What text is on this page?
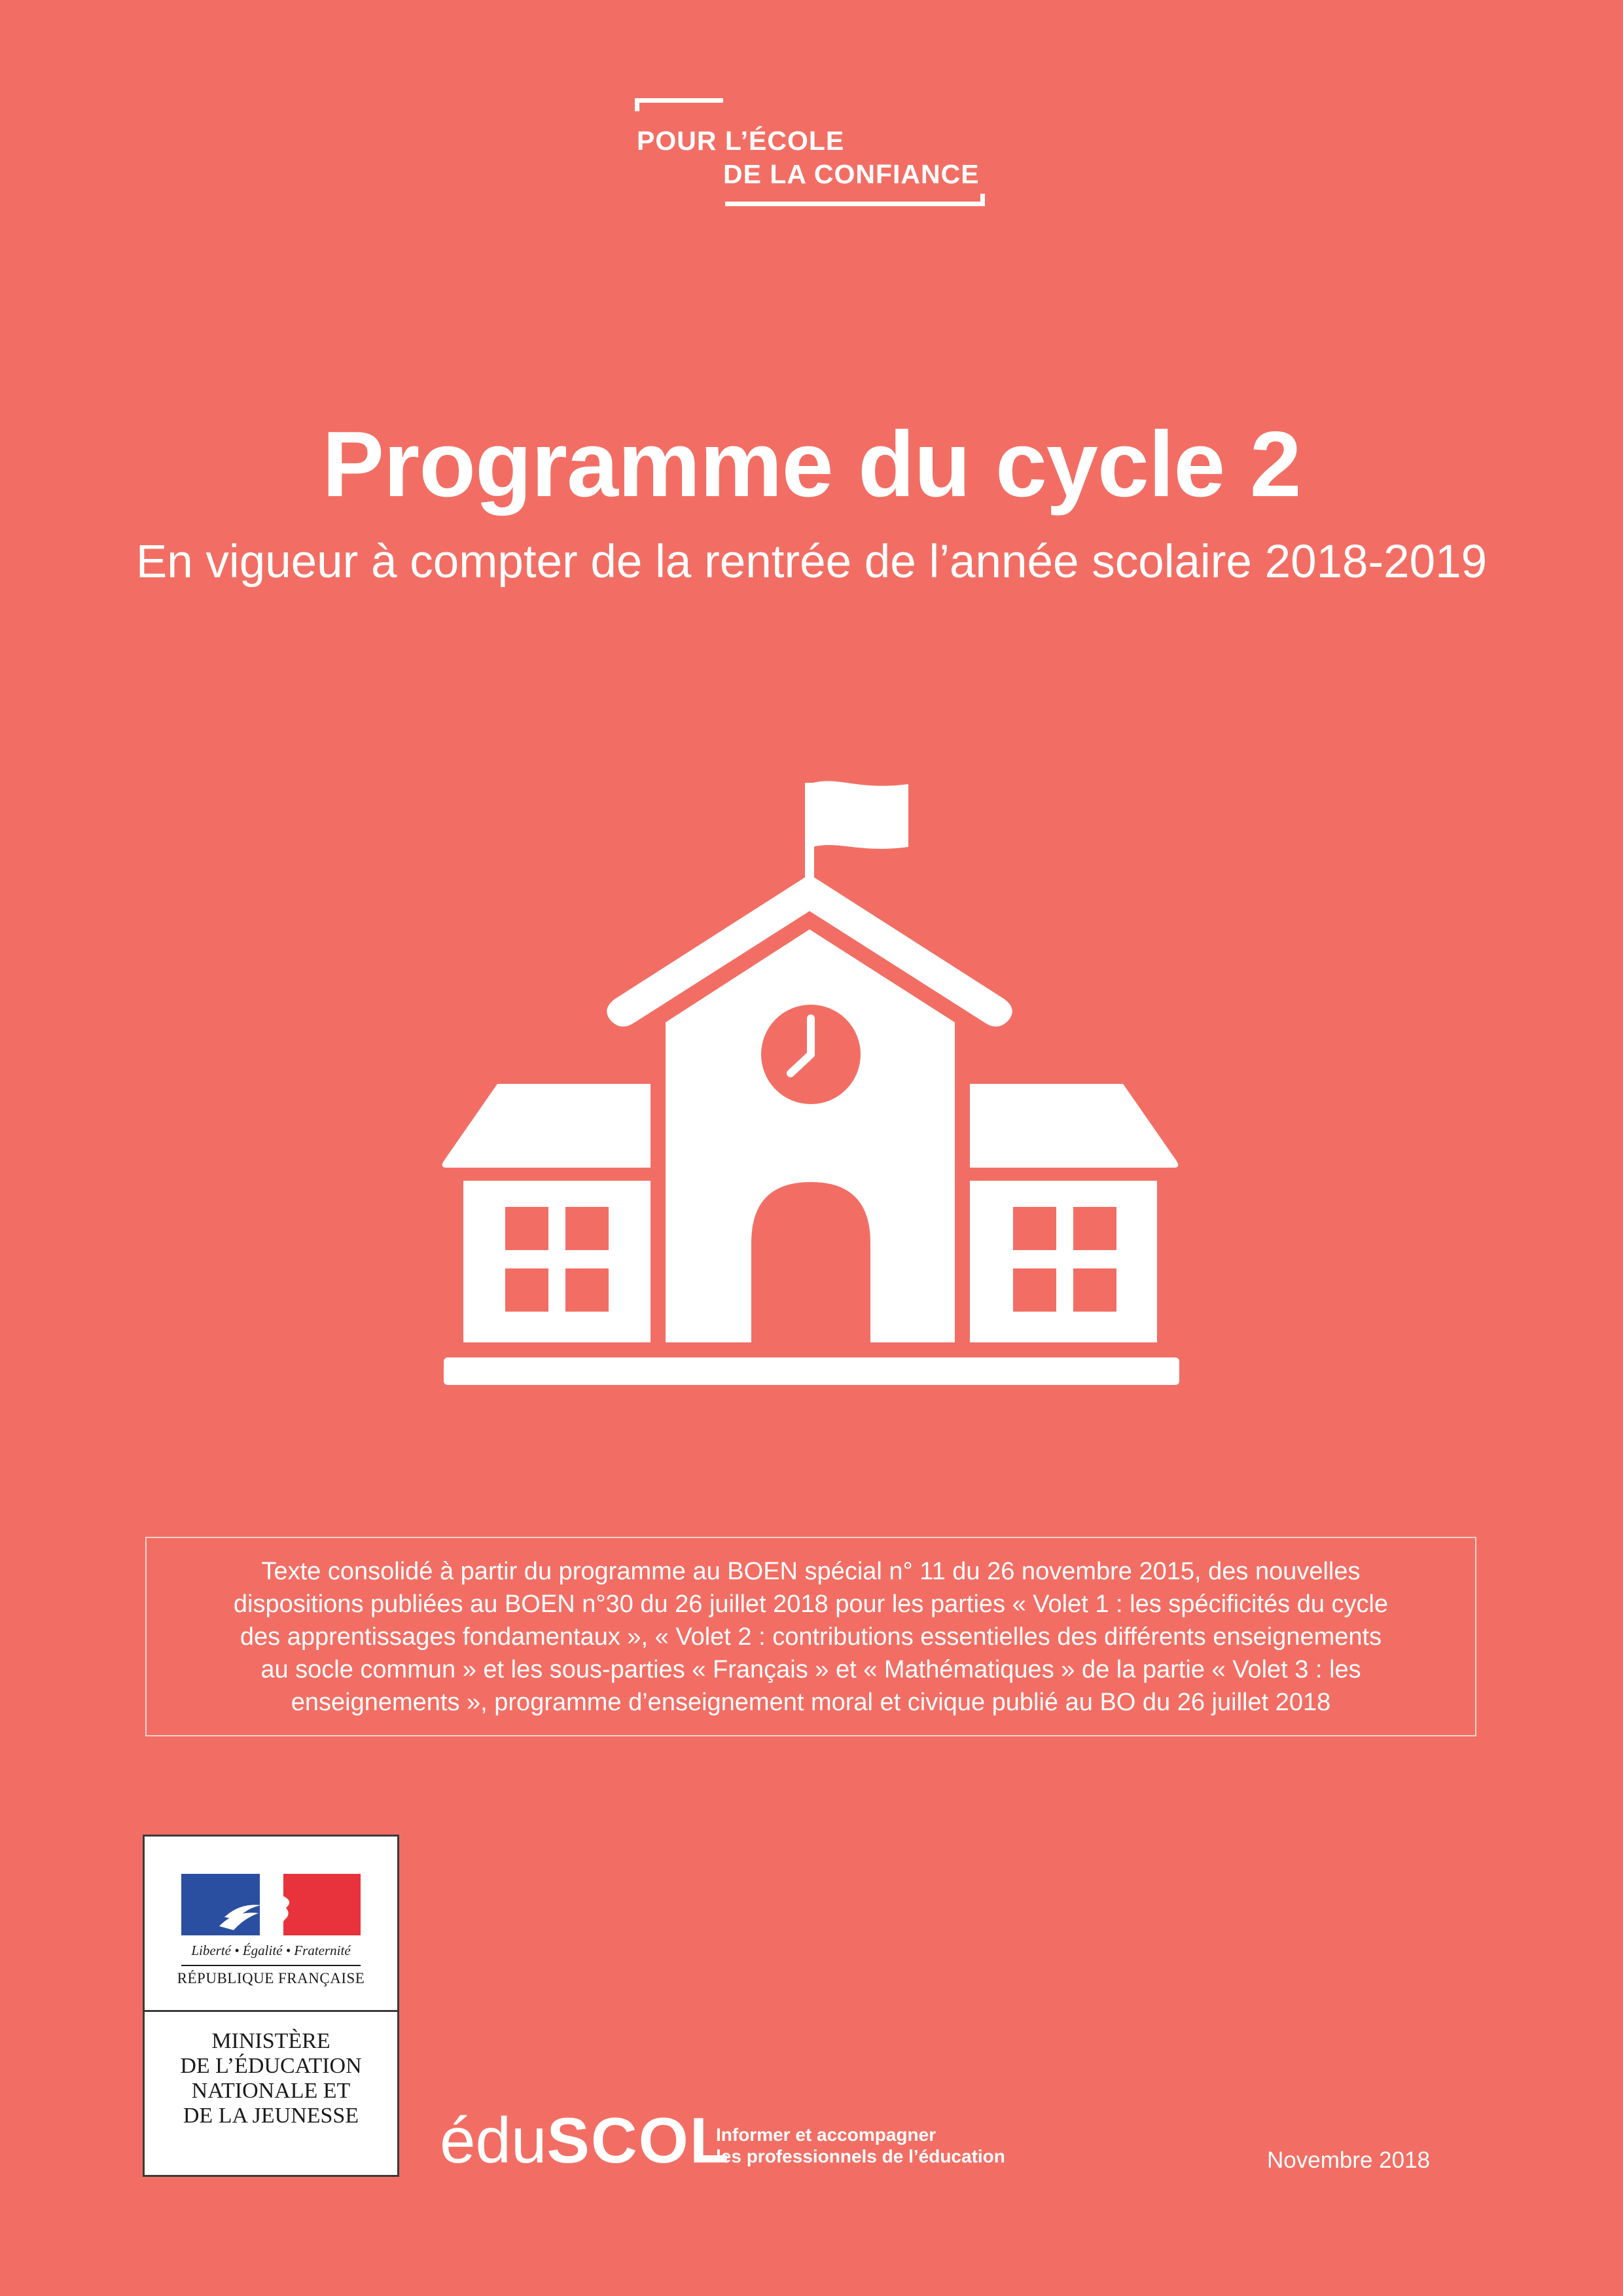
POUR L’ÉCOLE
DE LA CONFIANCE
Programme du cycle 2
En vigueur à compter de la rentrée de l’année scolaire 2018-2019
Texte consolidé à partir du programme au BOEN spécial n° 11 du 26 novembre 2015, des nouvelles
dispositions publiées au BOEN n°30 du 26 juillet 2018 pour les parties « Volet 1 : les spécificités du cycle
des apprentissages fondamentaux », « Volet 2 : contributions essentielles des différents enseignements
au socle commun » et les sous-parties « Français » et « Mathématiques » de la partie « Volet 3 : les
enseignements », programme d’enseignement moral et civique publié au BO du 26 juillet 2018
Liberté • Égalité • Fraternité
RÉPUBLIQUE FRANÇAISE
MINISTÈRE
DE L’ÉDUCATION
NATIONALE ET
DE LA JEUNESSE	éduSCOL
Informer et accompagner
les professionnels de l’éducation	Novembre 2018
